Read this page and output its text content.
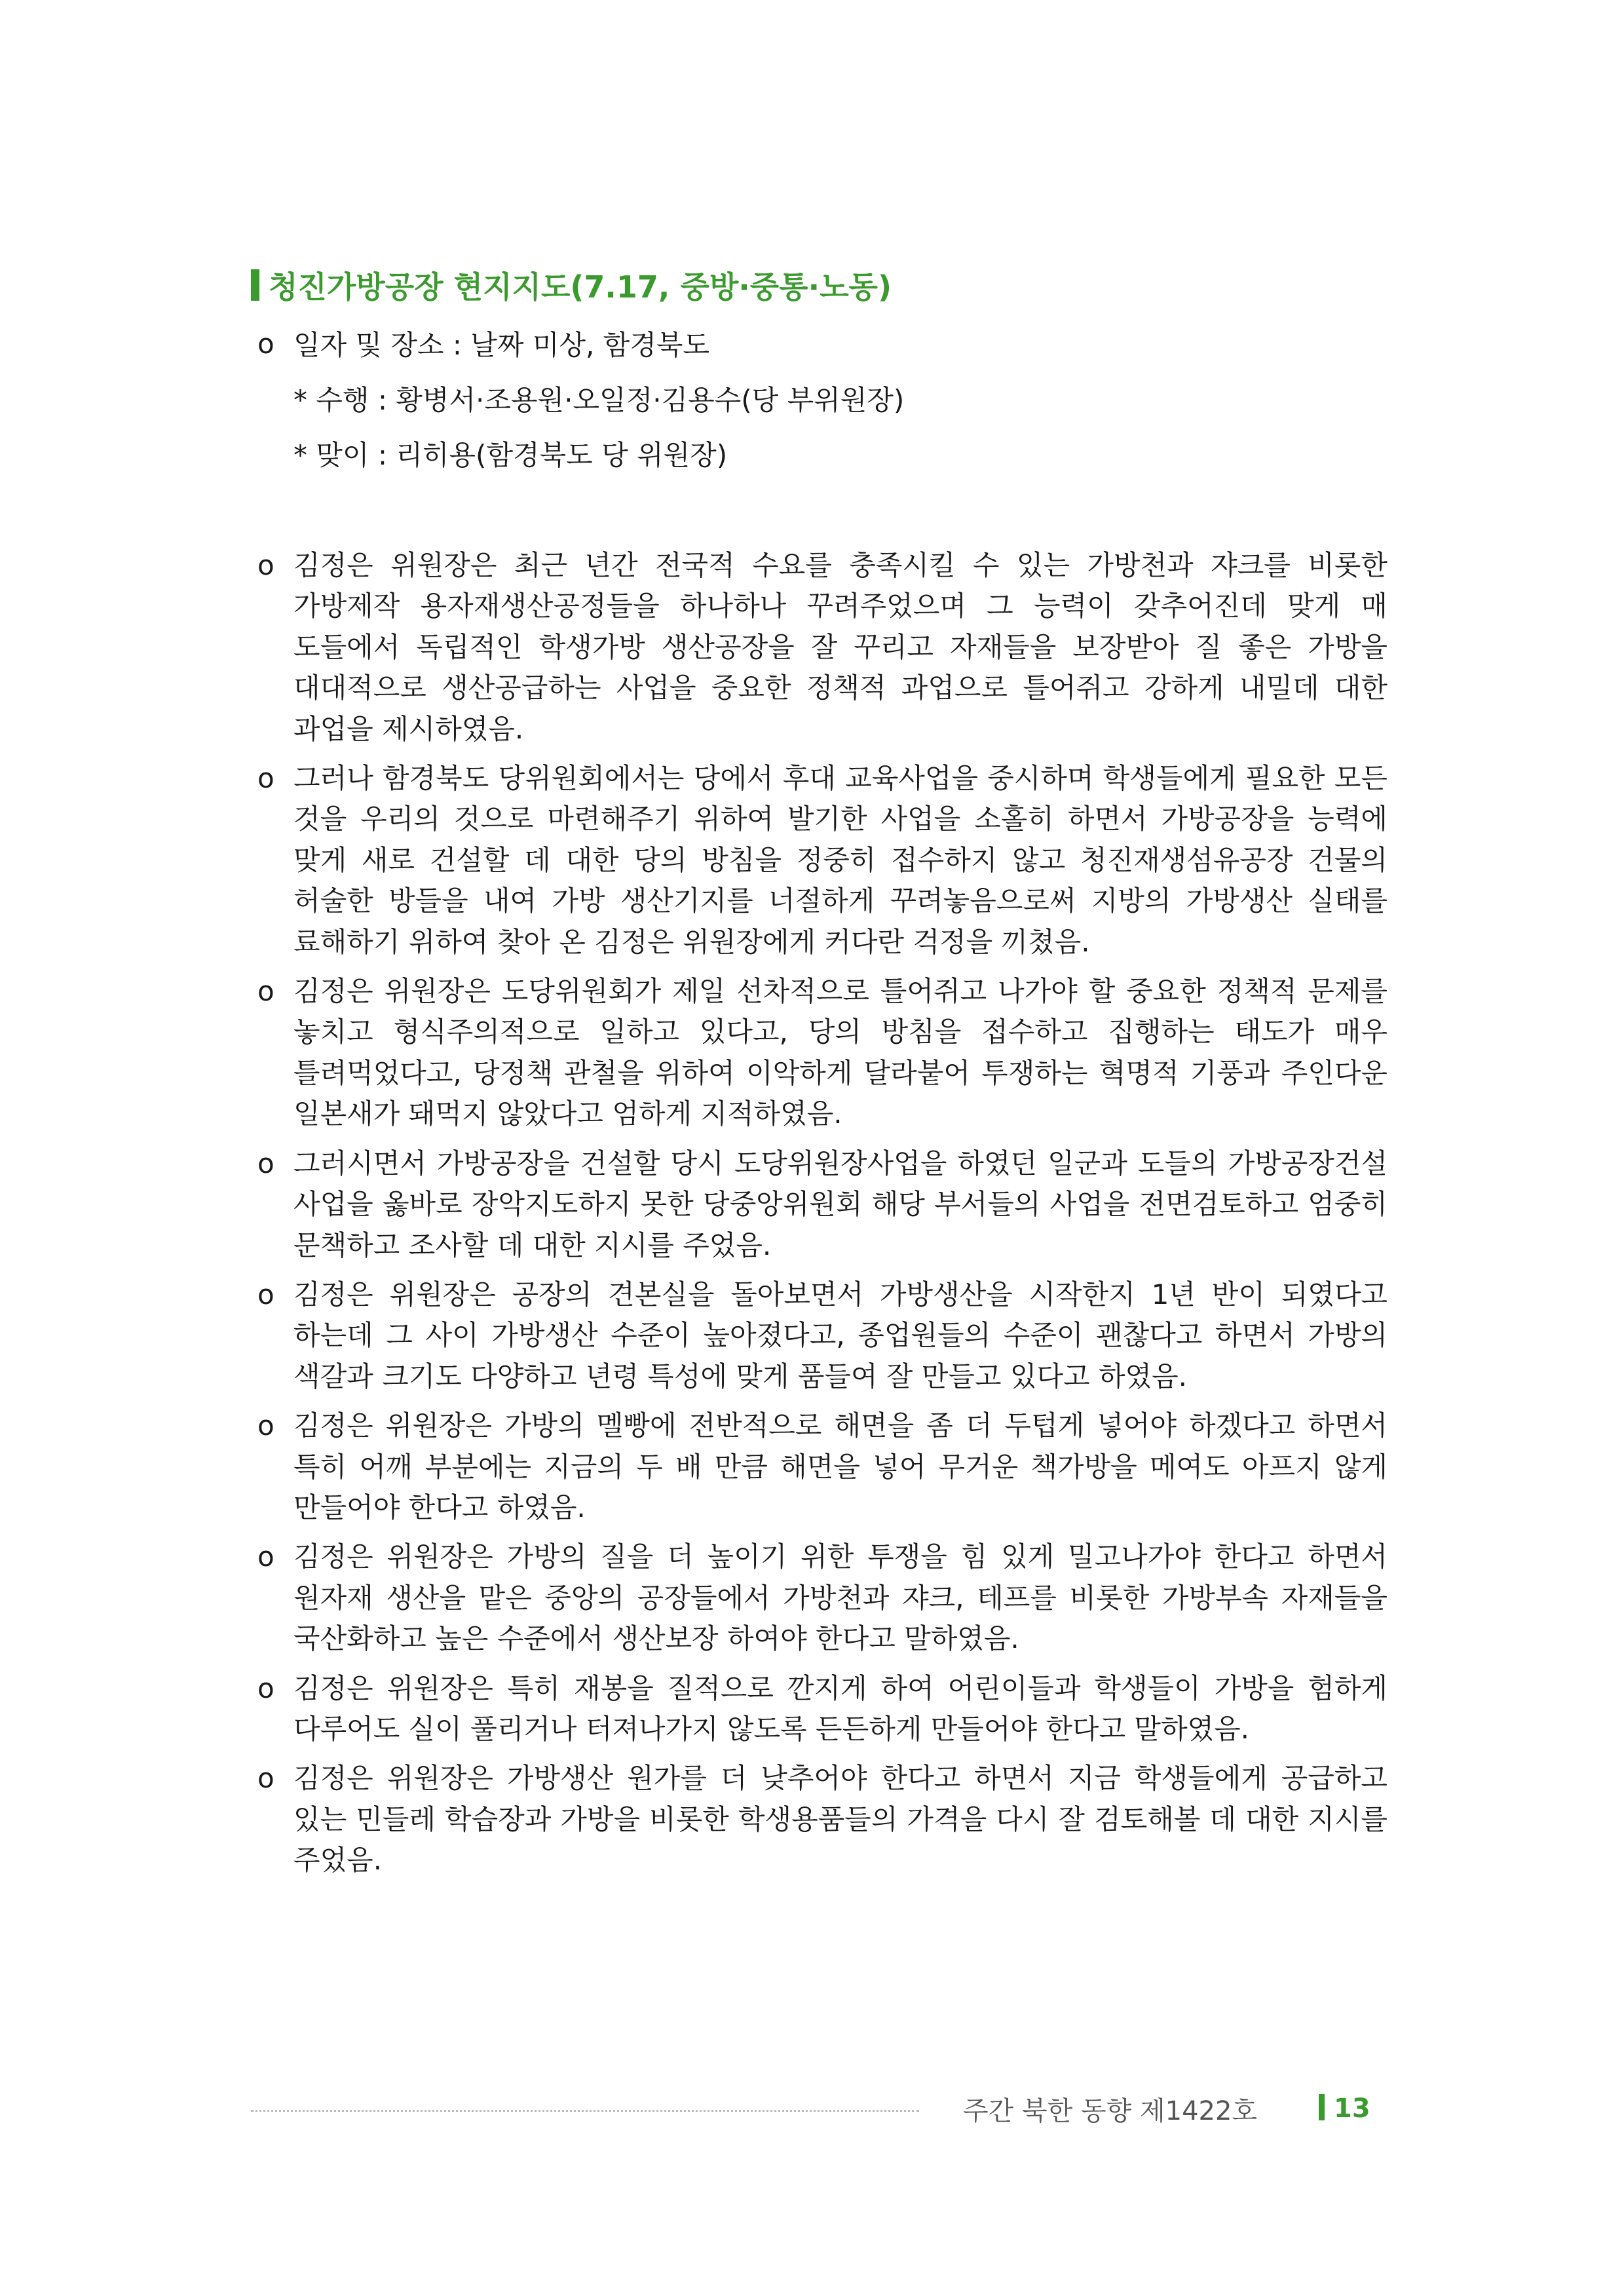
청진가방공장 현지지도(7.17, 중방·중통·노동)
o 일자 및 장소 : 날짜 미상, 함경북도
* 수행 : 황병서·조용원·오일정·김용수(당 부위원장)
* 맞이 : 리히용(함경북도 당 위원장)
o 김정은 위원장은 최근 년간 전국적 수요를 충족시킬 수 있는 가방천과 쟈크를 비롯한 가방제작 용자재생산공정들을 하나하나 꾸려주었으며 그 능력이 갖추어진데 맞게 매 도들에서 독립적인 학생가방 생산공장을 잘 꾸리고 자재들을 보장받아 질 좋은 가방을 대대적으로 생산공급하는 사업을 중요한 정책적 과업으로 틀어쥐고 강하게 내밀데 대한 과업을 제시하였음.
o 그러나 함경북도 당위원회에서는 당에서 후대 교육사업을 중시하며 학생들에게 필요한 모든 것을 우리의 것으로 마련해주기 위하여 발기한 사업을 소홀히 하면서 가방공장을 능력에 맞게 새로 건설할 데 대한 당의 방침을 정중히 접수하지 않고 청진재생섬유공장 건물의 허술한 방들을 내여 가방 생산기지를 너절하게 꾸려놓음으로써 지방의 가방생산 실태를 료해하기 위하여 찾아 온 김정은 위원장에게 커다란 걱정을 끼쳤음.
o 김정은 위원장은 도당위원회가 제일 선차적으로 틀어쥐고 나가야 할 중요한 정책적 문제를 놓치고 형식주의적으로 일하고 있다고, 당의 방침을 접수하고 집행하는 태도가 매우 틀려먹었다고, 당정책 관철을 위하여 이악하게 달라붙어 투쟁하는 혁명적 기풍과 주인다운 일본새가 돼먹지 않았다고 엄하게 지적하였음.
o 그러시면서 가방공장을 건설할 당시 도당위원장사업을 하였던 일군과 도들의 가방공장건설 사업을 옳바로 장악지도하지 못한 당중앙위원회 해당 부서들의 사업을 전면검토하고 엄중히 문책하고 조사할 데 대한 지시를 주었음.
o 김정은 위원장은 공장의 견본실을 돌아보면서 가방생산을 시작한지 1년 반이 되였다고 하는데 그 사이 가방생산 수준이 높아졌다고, 종업원들의 수준이 괜찮다고 하면서 가방의 색갈과 크기도 다양하고 년령 특성에 맞게 품들여 잘 만들고 있다고 하였음.
o 김정은 위원장은 가방의 멜빵에 전반적으로 해면을 좀 더 두텁게 넣어야 하겠다고 하면서 특히 어깨 부분에는 지금의 두 배 만큼 해면을 넣어 무거운 책가방을 메여도 아프지 않게 만들어야 한다고 하였음.
o 김정은 위원장은 가방의 질을 더 높이기 위한 투쟁을 힘 있게 밀고나가야 한다고 하면서 원자재 생산을 맡은 중앙의 공장들에서 가방천과 쟈크, 테프를 비롯한 가방부속 자재들을 국산화하고 높은 수준에서 생산보장 하여야 한다고 말하였음.
o 김정은 위원장은 특히 재봉을 질적으로 깐지게 하여 어린이들과 학생들이 가방을 험하게 다루어도 실이 풀리거나 터져나가지 않도록 든든하게 만들어야 한다고 말하였음.
o 김정은 위원장은 가방생산 원가를 더 낮추어야 한다고 하면서 지금 학생들에게 공급하고 있는 민들레 학습장과 가방을 비롯한 학생용품들의 가격을 다시 잘 검토해볼 데 대한 지시를 주었음.
주간 북한 동향 제1422호	13
